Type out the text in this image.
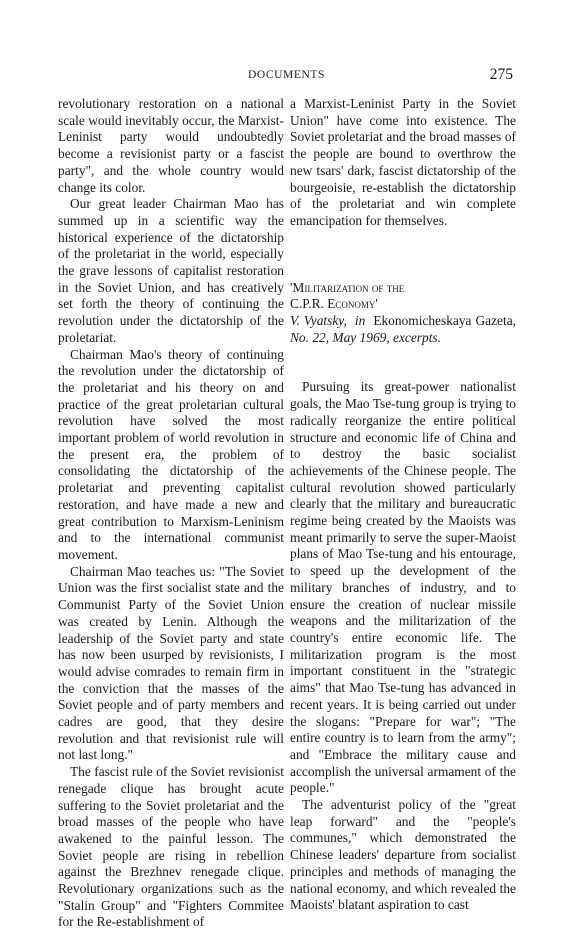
DOCUMENTS	275

revolutionary restoration on a national scale would inevitably occur, the Marxist-Leninist party would undoubtedly become a revisionist party or a fascist party", and the whole country would change its color.

Our great leader Chairman Mao has summed up in a scientific way the historical experience of the dictatorship of the proletariat in the world, especially the grave lessons of capitalist restoration in the Soviet Union, and has creatively set forth the theory of continuing the revolution under the dictatorship of the proletariat.

Chairman Mao's theory of continuing the revolution under the dictatorship of the proletariat and his theory on and practice of the great proletarian cultural revolution have solved the most important problem of world revolution in the present era, the problem of consolidating the dictatorship of the proletariat and preventing capitalist restoration, and have made a new and great contribution to Marxism-Leninism and to the international communist movement.

Chairman Mao teaches us: "The Soviet Union was the first socialist state and the Communist Party of the Soviet Union was created by Lenin. Although the leadership of the Soviet party and state has now been usurped by revisionists, I would advise comrades to remain firm in the conviction that the masses of the Soviet people and of party members and cadres are good, that they desire revolution and that revisionist rule will not last long."

The fascist rule of the Soviet revisionist renegade clique has brought acute suffering to the Soviet proletariat and the broad masses of the people who have awakened to the painful lesson. The Soviet people are rising in rebellion against the Brezhnev renegade clique. Revolutionary organizations such as the "Stalin Group" and "Fighters Commitee for the Re-establishment of

a Marxist-Leninist Party in the Soviet Union" have come into existence. The Soviet proletariat and the broad masses of the people are bound to overthrow the new tsars' dark, fascist dictatorship of the bourgeoisie, re-establish the dictatorship of the proletariat and win complete emancipation for themselves.

'Militarization of the
C.P.R. Economy'

V. Vyatsky, in Ekonomicheskaya Gazeta, No. 22, May 1969, excerpts.

Pursuing its great-power nationalist goals, the Mao Tse-tung group is trying to radically reorganize the entire political structure and economic life of China and to destroy the basic socialist achievements of the Chinese people. The cultural revolution showed particularly clearly that the military and bureaucratic regime being created by the Maoists was meant primarily to serve the super-Maoist plans of Mao Tse-tung and his entourage, to speed up the development of the military branches of industry, and to ensure the creation of nuclear missile weapons and the militarization of the country's entire economic life. The militarization program is the most important constituent in the "strategic aims" that Mao Tse-tung has advanced in recent years. It is being carried out under the slogans: "Prepare for war"; "The entire country is to learn from the army"; and "Embrace the military cause and accomplish the universal armament of the people."

The adventurist policy of the "great leap forward" and the "people's communes," which demonstrated the Chinese leaders' departure from socialist principles and methods of managing the national economy, and which revealed the Maoists' blatant aspiration to cast
